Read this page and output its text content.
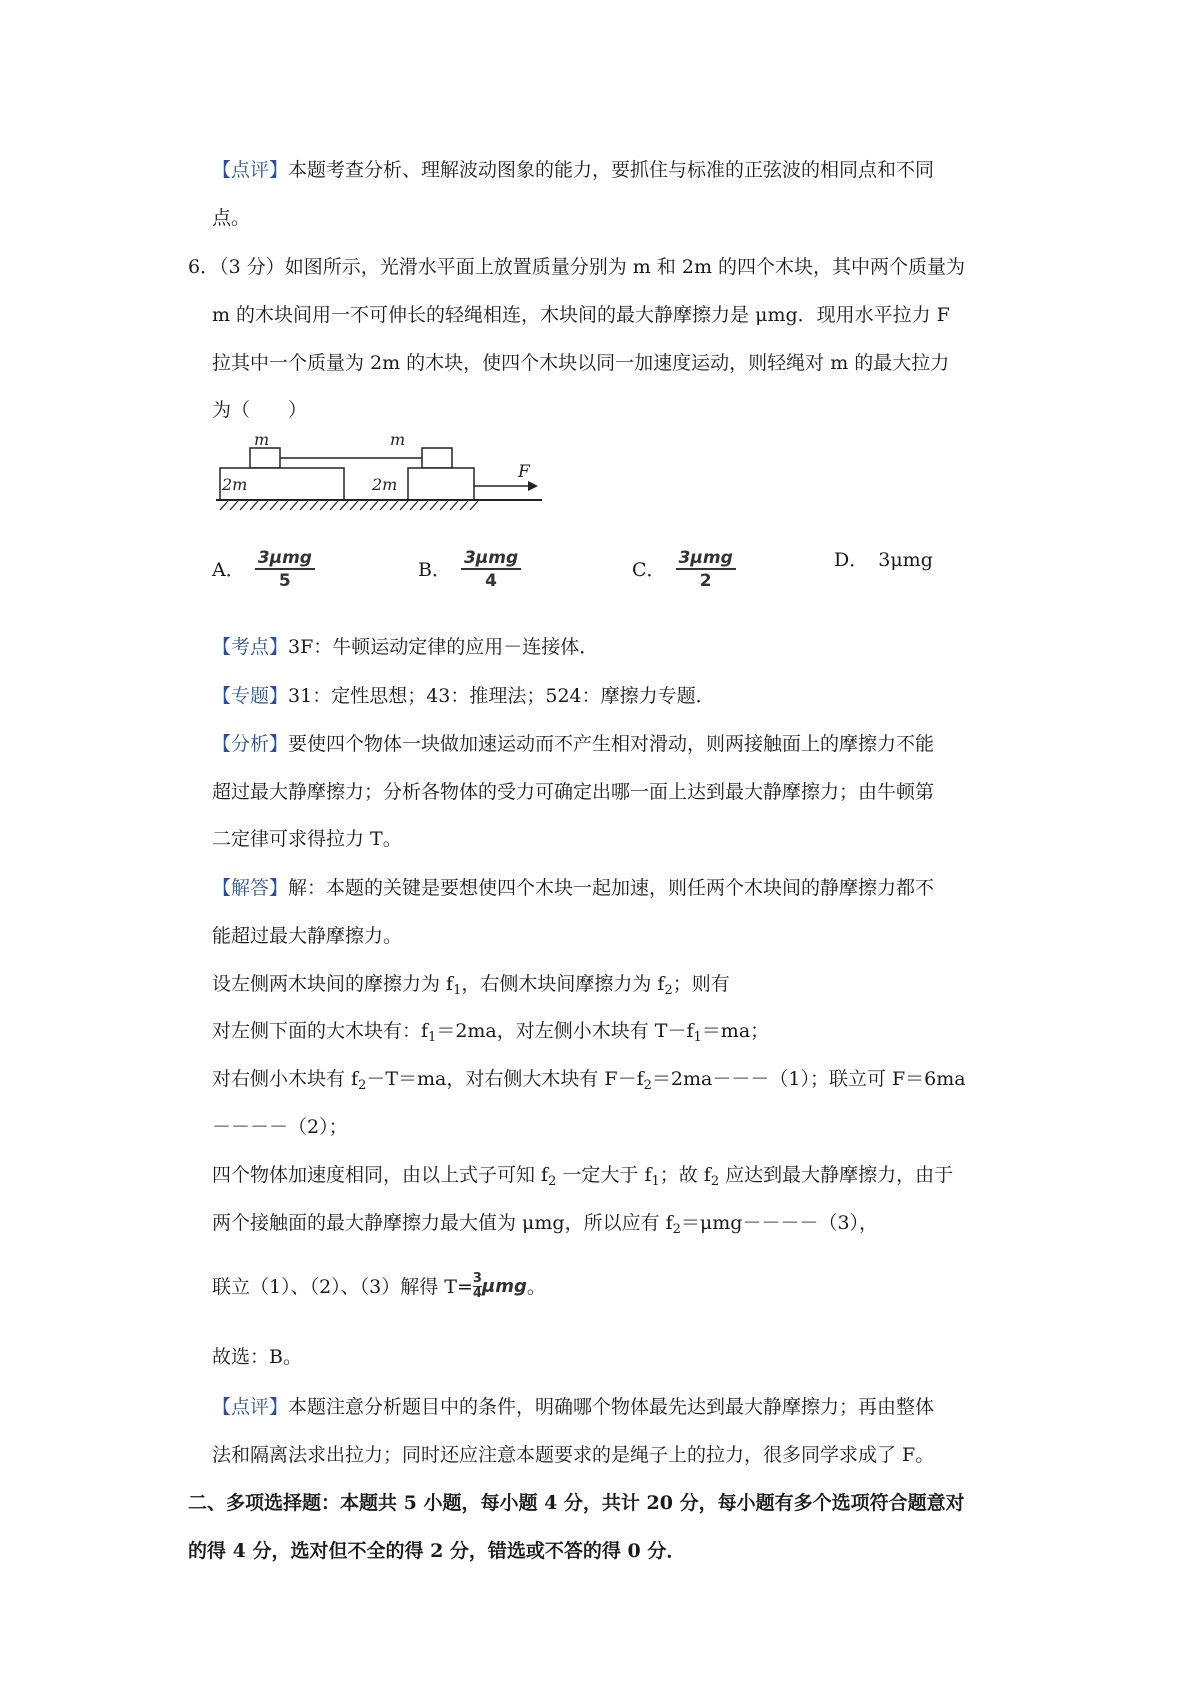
【点评】本题考查分析、理解波动图象的能力，要抓住与标准的正弦波的相同点和不同
点。
6．（3 分）如图所示，光滑水平面上放置质量分别为 m 和 2m 的四个木块，其中两个质量为
m 的木块间用一不可伸长的轻绳相连，木块间的最大静摩擦力是 μmg．现用水平拉力 F
拉其中一个质量为 2m 的木块，使四个木块以同一加速度运动，则轻绳对 m 的最大拉力
为（　　）
m	m
2m	2m
F
A． $\frac{\text{3μmg}}{5}$	B． $\frac{\text{3μmg}}{4}$	C． $\frac{\text{3μmg}}{2}$	D． 3μmg
【考点】3F：牛顿运动定律的应用－连接体．
【专题】31：定性思想；43：推理法；524：摩擦力专题．
【分析】要使四个物体一块做加速运动而不产生相对滑动，则两接触面上的摩擦力不能
超过最大静摩擦力；分析各物体的受力可确定出哪一面上达到最大静摩擦力；由牛顿第
二定律可求得拉力 T。
【解答】解：本题的关键是要想使四个木块一起加速，则任两个木块间的静摩擦力都不
能超过最大静摩擦力。
设左侧两木块间的摩擦力为 $f_1$，右侧木块间摩擦力为 $f_2$；则有
对左侧下面的大木块有：$f_1=2ma$，对左侧小木块有 $T-f_1=ma$；
对右侧小木块有 $f_2-T=ma$，对右侧大木块有 $F-f_2=2ma---(1)$；联立可 F＝6ma
－－－－（2）；
四个物体加速度相同，由以上式子可知 $f_2$ 一定大于 $f_1$；故 $f_2$ 应达到最大静摩擦力，由于
两个接触面的最大静摩擦力最大值为 μmg，所以应有 $f_2=\mu mg----(3)$，
联立（1）、（2）、（3）解得 $T= \frac{3}{4}$ μmg 。
故选：B。
【点评】本题注意分析题目中的条件，明确哪个物体最先达到最大静摩擦力；再由整体
法和隔离法求出拉力；同时还应注意本题要求的是绳子上的拉力，很多同学求成了 F。
二、多项选择题：本题共 5 小题，每小题 4 分，共计 20 分，每小题有多个选项符合题意对
的得 4 分，选对但不全的得 2 分，错选或不答的得 0 分．
